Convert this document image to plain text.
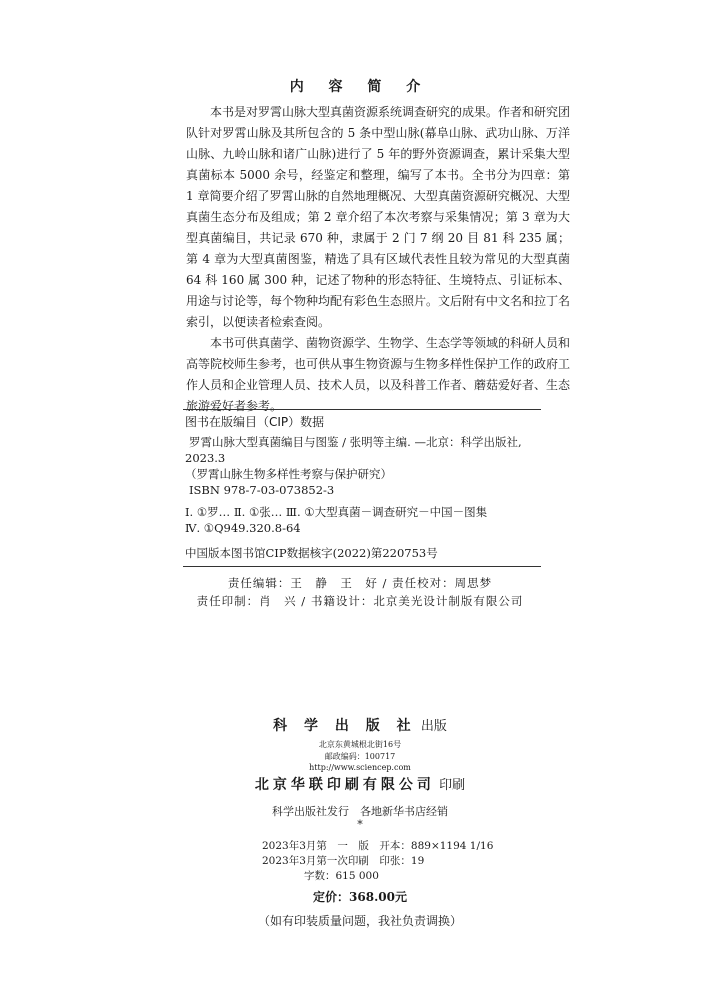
内 容 简 介

本书是对罗霄山脉大型真菌资源系统调查研究的成果。作者和研究团队针对罗霄山脉及其所包含的 5 条中型山脉(幕阜山脉、武功山脉、万洋山脉、九岭山脉和诸广山脉)进行了 5 年的野外资源调查，累计采集大型真菌标本 5000 余号，经鉴定和整理，编写了本书。全书分为四章：第 1 章简要介绍了罗霄山脉的自然地理概况、大型真菌资源研究概况、大型真菌生态分布及组成；第 2 章介绍了本次考察与采集情况；第 3 章为大型真菌编目，共记录 670 种，隶属于 2 门 7 纲 20 目 81 科 235 属；第 4 章为大型真菌图鉴，精选了具有区域代表性且较为常见的大型真菌 64 科 160 属 300 种，记述了物种的形态特征、生境特点、引证标本、用途与讨论等，每个物种均配有彩色生态照片。文后附有中文名和拉丁名索引，以便读者检索查阅。

本书可供真菌学、菌物资源学、生物学、生态学等领域的科研人员和高等院校师生参考，也可供从事生物资源与生物多样性保护工作的政府工作人员和企业管理人员、技术人员，以及科普工作者、蘑菇爱好者、生态旅游爱好者参考。

图书在版编目（CIP）数据
罗霄山脉大型真菌编目与图鉴 / 张明等主编. —北京：科学出版社,
2023.3
（罗霄山脉生物多样性考察与保护研究）
ISBN 978-7-03-073852-3
Ⅰ. ①罗… Ⅱ. ①张… Ⅲ. ①大型真菌－调查研究－中国－图集
Ⅳ. ①Q949.320.8-64
中国版本图书馆CIP数据核字(2022)第220753号
责任编辑：王　静　王　好 / 责任校对：周思梦
责任印制：肖　兴 / 书籍设计：北京美光设计制版有限公司
科 学 出 版 社 出版
北京东黄城根北街16号
邮政编码：100717
http://www.sciencep.com
北京华联印刷有限公司 印刷
科学出版社发行　各地新华书店经销
*
2023年3月第　一　版　开本：889×1194 1/16
2023年3月第一次印刷　印张：19
字数：615 000
定价：368.00元
（如有印装质量问题，我社负责调换）
